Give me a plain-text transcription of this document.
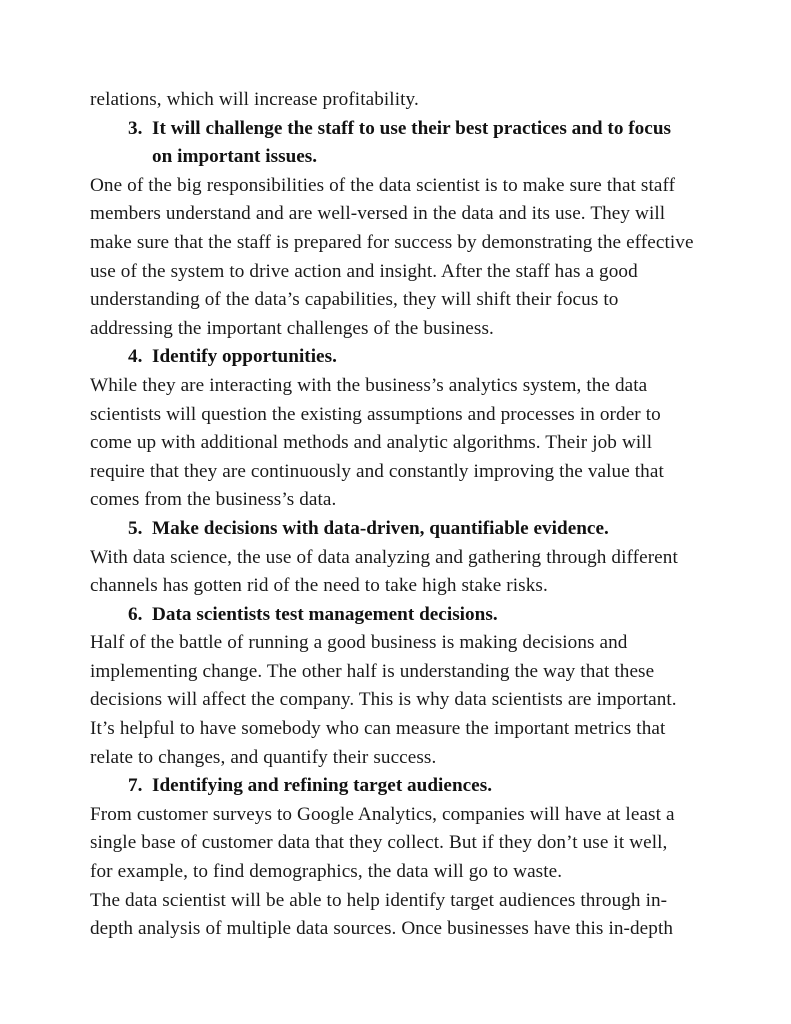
relations, which will increase profitability.

3. It will challenge the staff to use their best practices and to focus on important issues.

One of the big responsibilities of the data scientist is to make sure that staff members understand and are well-versed in the data and its use. They will make sure that the staff is prepared for success by demonstrating the effective use of the system to drive action and insight. After the staff has a good understanding of the data’s capabilities, they will shift their focus to addressing the important challenges of the business.

4. Identify opportunities.

While they are interacting with the business’s analytics system, the data scientists will question the existing assumptions and processes in order to come up with additional methods and analytic algorithms. Their job will require that they are continuously and constantly improving the value that comes from the business’s data.

5. Make decisions with data-driven, quantifiable evidence.

With data science, the use of data analyzing and gathering through different channels has gotten rid of the need to take high stake risks.

6. Data scientists test management decisions.

Half of the battle of running a good business is making decisions and implementing change. The other half is understanding the way that these decisions will affect the company. This is why data scientists are important. It’s helpful to have somebody who can measure the important metrics that relate to changes, and quantify their success.

7. Identifying and refining target audiences.

From customer surveys to Google Analytics, companies will have at least a single base of customer data that they collect. But if they don’t use it well, for example, to find demographics, the data will go to waste.

The data scientist will be able to help identify target audiences through in-depth analysis of multiple data sources. Once businesses have this in-depth
